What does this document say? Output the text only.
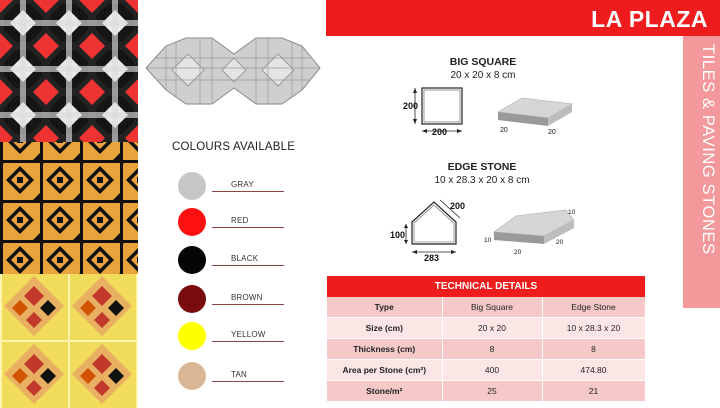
COLOURS AVAILABLE
GRAY
RED
BLACK
BROWN
YELLOW
TAN
LA PLAZA
TILES & PAVING STONES
BIG SQUARE
20 x 20 x 8 cm
200
200	20	20
EDGE STONE
10 x 28.3 x 20 x 8 cm
200
100
283
10
10
20
20
TECHNICAL DETAILS
Type	Big Square	Edge Stone
Size (cm)	20 x 20	10 x 28.3 x 20
Thickness (cm)	8	8
Area per Stone (cm²)	400	474.80
Stone/m²	25	21
